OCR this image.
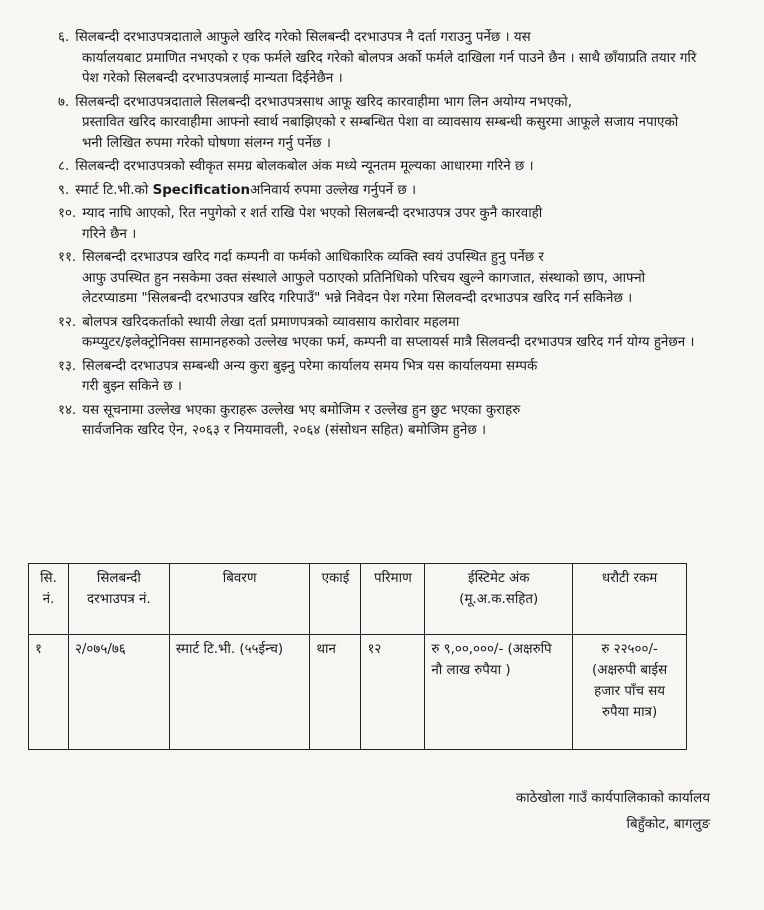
६. सिलबन्दी दरभाउपत्रदाताले आफुले खरिद गरेको सिलबन्दी दरभाउपत्र नै दर्ता गराउनु पर्नेछ । यस
कार्यालयबाट प्रमाणित नभएको र एक फर्मले खरिद गरेको बोलपत्र अर्को फर्मले दाखिला गर्न पाउने छैन । साथै छाँयाप्रति तयार गरि पेश गरेको सिलबन्दी दरभाउपत्रलाई मान्यता दिईनेछैन ।
७. सिलबन्दी दरभाउपत्रदाताले सिलबन्दी दरभाउपत्रसाथ आफू खरिद कारवाहीमा भाग लिन अयोग्य नभएको,
प्रस्तावित खरिद कारवाहीमा आफ्नो स्वार्थ नबाझिएको र सम्बन्धित पेशा वा व्यावसाय सम्बन्धी कसुरमा आफूले सजाय नपाएको भनी लिखित रुपमा गरेको घोषणा संलग्न गर्नु पर्नेछ ।
८. सिलबन्दी दरभाउपत्रको स्वीकृत समग्र बोलकबोल अंक मध्ये न्यूनतम मूल्यका आधारमा गरिने छ ।
९. स्मार्ट टि.भी.को Specificationअनिवार्य रुपमा उल्लेख गर्नुपर्ने छ ।
१०. म्याद नाघि आएको, रित नपुगेको र शर्त राखि पेश भएको सिलबन्दी दरभाउपत्र उपर कुनै कारवाही
गरिने छैन ।
११. सिलबन्दी दरभाउपत्र खरिद गर्दा कम्पनी वा फर्मको आधिकारिक व्यक्ति स्वयं उपस्थित हुनु पर्नेछ र
आफु उपस्थित हुन नसकेमा उक्त संस्थाले आफुले पठाएको प्रतिनिधिको परिचय खुल्ने कागजात, संस्थाको छाप, आफ्नो लेटरप्याडमा "सिलबन्दी दरभाउपत्र खरिद गरिपाउँ" भन्ने निवेदन पेश गरेमा सिलवन्दी दरभाउपत्र खरिद गर्न सकिनेछ ।
१२. बोलपत्र खरिदकर्ताको स्थायी लेखा दर्ता प्रमाणपत्रको व्यावसाय कारोवार महलमा
कम्प्युटर/इलेक्ट्रोनिक्स सामानहरुको उल्लेख भएका फर्म, कम्पनी वा सप्लायर्स मात्रै सिलवन्दी दरभाउपत्र खरिद गर्न योग्य हुनेछन ।
१३. सिलबन्दी दरभाउपत्र सम्बन्धी अन्य कुरा बुझ्नु परेमा कार्यालय समय भित्र यस कार्यालयमा सम्पर्क
गरी बुझ्न सकिने छ ।
१४. यस सूचनामा उल्लेख भएका कुराहरू उल्लेख भए बमोजिम र उल्लेख हुन छुट भएका कुराहरु
सार्वजनिक खरिद ऐन, २०६३ र नियमावली, २०६४ (संसोधन सहित) बमोजिम हुनेछ ।
सि. नं.	सिलबन्दी दरभाउपत्र नं.	बिवरण	एकाई	परिमाण	ईस्टिमेट अंक (मू.अ.क.सहित)	धरौटी रकम
१	२/०७५/७६	स्मार्ट टि.भी. (५५ईन्च)	थान	१२	रु ९,००,०००/- (अक्षरुपि नौ लाख रुपैया )	रु २२५००/- (अक्षरुपी बाईस हजार पाँच सय रुपैया मात्र)
काठेखोला गाउँ कार्यपालिकाको कार्यालय
बिहुँकोट, बागलुङ
